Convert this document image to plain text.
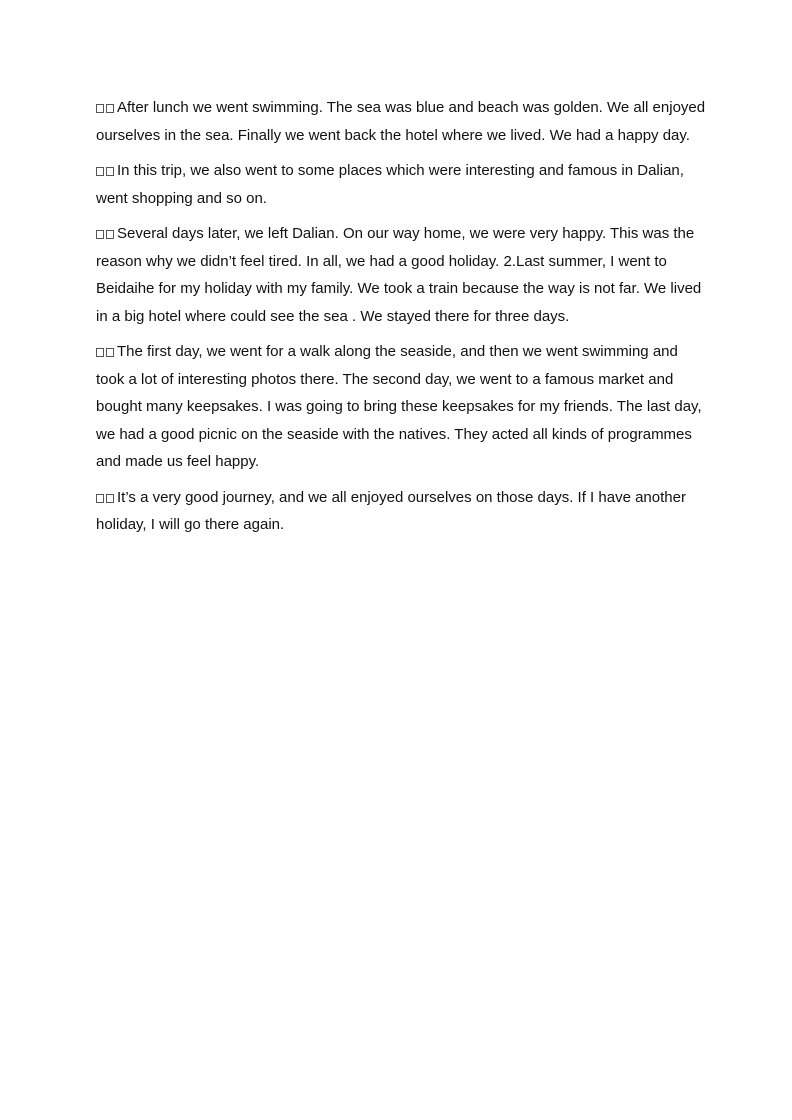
After lunch we went swimming. The sea was blue and beach was golden. We all enjoyed ourselves in the sea. Finally we went back the hotel where we lived. We had a happy day.

In this trip, we also went to some places which were interesting and famous in Dalian, went shopping and so on.

Several days later, we left Dalian. On our way home, we were very happy. This was the reason why we didn’t feel tired. In all, we had a good holiday. 2.Last summer, I went to Beidaihe for my holiday with my family. We took a train because the way is not far. We lived in a big hotel where could see the sea . We stayed there for three days.

The first day, we went for a walk along the seaside, and then we went swimming and took a lot of interesting photos there. The second day, we went to a famous market and bought many keepsakes. I was going to bring these keepsakes for my friends. The last day, we had a good picnic on the seaside with the natives. They acted all kinds of programmes and made us feel happy.

It’s a very good journey, and we all enjoyed ourselves on those days. If I have another holiday, I will go there again.
